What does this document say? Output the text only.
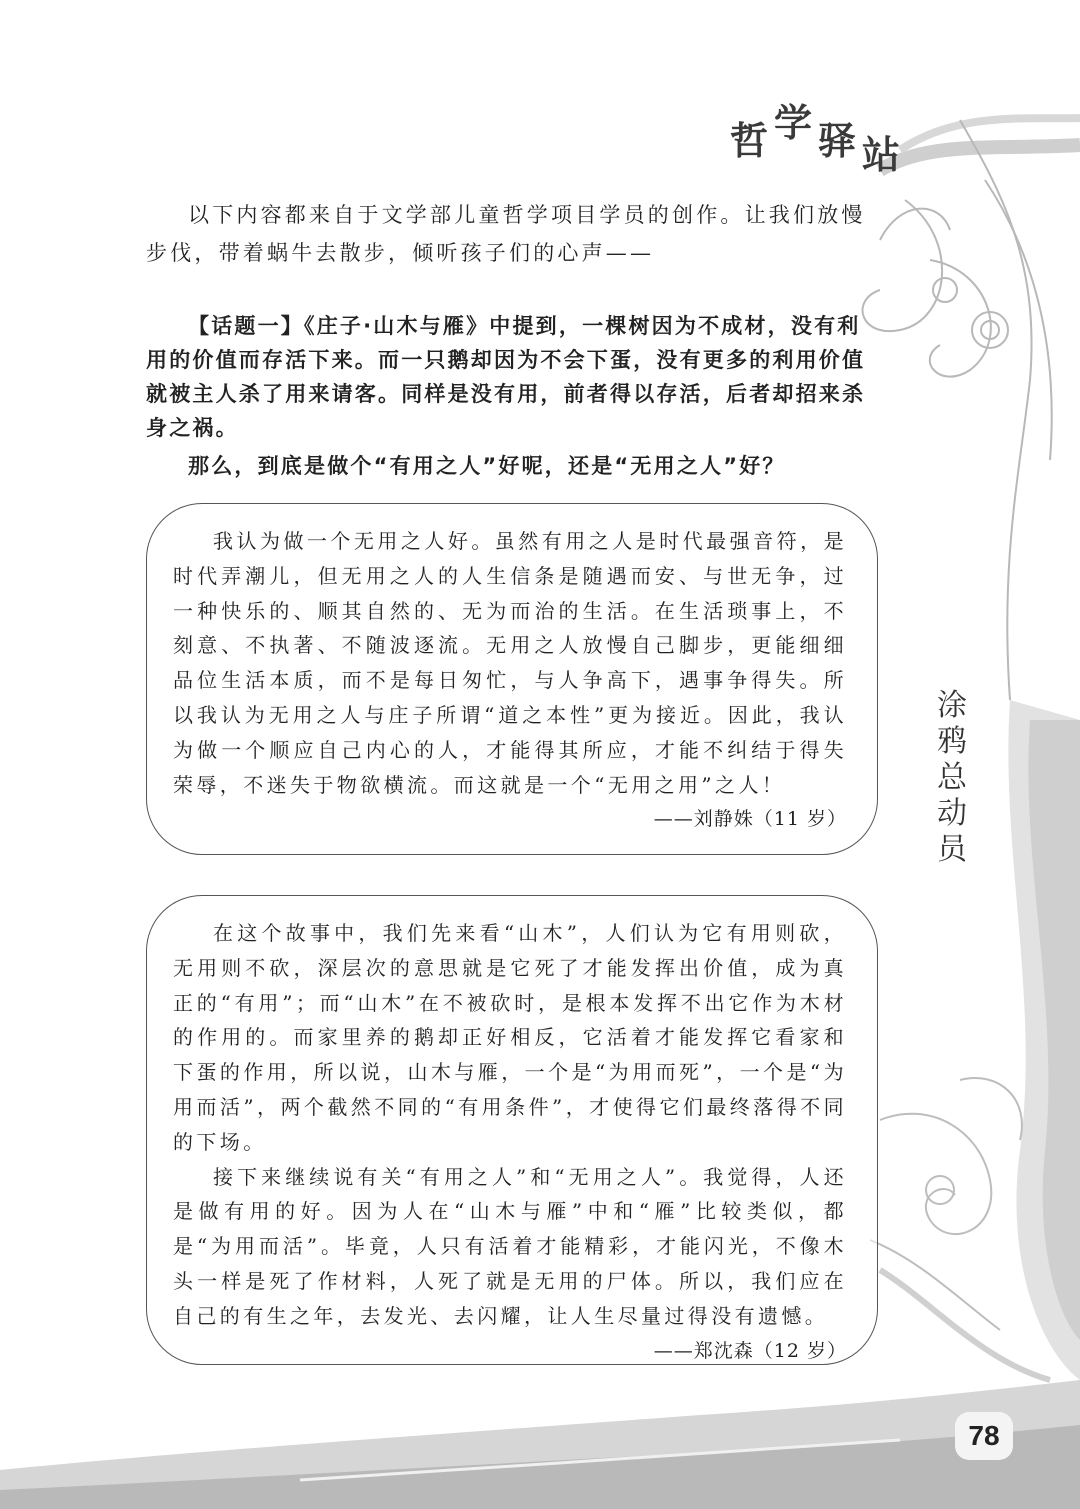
哲 学 驿 站

以下内容都来自于文学部儿童哲学项目学员的创作。让我们放慢步伐，带着蜗牛去散步，倾听孩子们的心声——

【话题一】《庄子·山木与雁》中提到，一棵树因为不成材，没有利用的价值而存活下来。而一只鹅却因为不会下蛋，没有更多的利用价值就被主人杀了用来请客。同样是没有用，前者得以存活，后者却招来杀身之祸。

那么，到底是做个“有用之人”好呢，还是“无用之人”好？

我认为做一个无用之人好。虽然有用之人是时代最强音符，是时代弄潮儿，但无用之人的人生信条是随遇而安、与世无争，过一种快乐的、顺其自然的、无为而治的生活。在生活琐事上，不刻意、不执著、不随波逐流。无用之人放慢自己脚步，更能细细品位生活本质，而不是每日匆忙，与人争高下，遇事争得失。所以我认为无用之人与庄子所谓“道之本性”更为接近。因此，我认为做一个顺应自己内心的人，才能得其所应，才能不纠结于得失荣辱，不迷失于物欲横流。而这就是一个“无用之用”之人！

——刘静姝（11 岁）

在这个故事中，我们先来看“山木”，人们认为它有用则砍，无用则不砍，深层次的意思就是它死了才能发挥出价值，成为真正的“有用”；而“山木”在不被砍时，是根本发挥不出它作为木材的作用的。而家里养的鹅却正好相反，它活着才能发挥它看家和下蛋的作用，所以说，山木与雁，一个是“为用而死”，一个是“为用而活”，两个截然不同的“有用条件”，才使得它们最终落得不同的下场。

接下来继续说有关“有用之人”和“无用之人”。我觉得，人还是做有用的好。因为人在“山木与雁”中和“雁”比较类似，都是“为用而活”。毕竟，人只有活着才能精彩，才能闪光，不像木头一样是死了作材料，人死了就是无用的尸体。所以，我们应在自己的有生之年，去发光、去闪耀，让人生尽量过得没有遗憾。

——郑沈森（12 岁）
涂
鸦
总
动
员
78
